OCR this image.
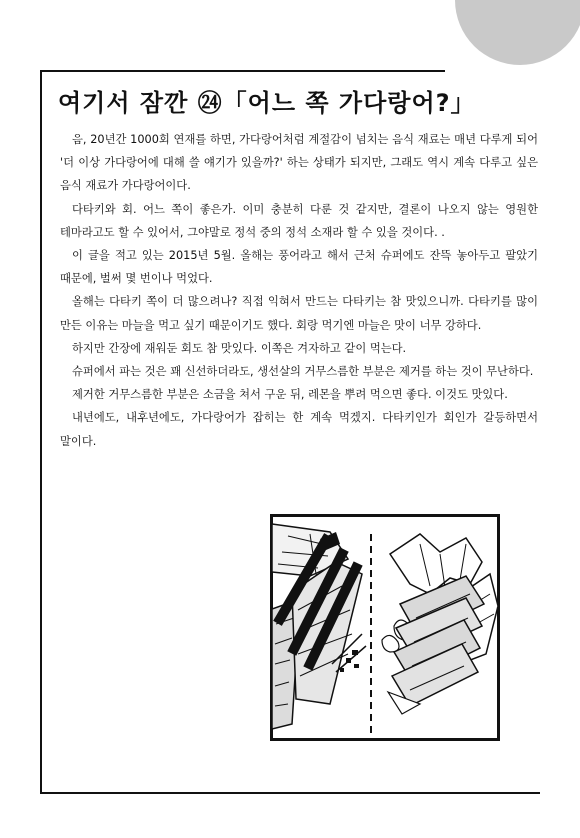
여기서 잠깐 ㉔「어느 쪽 가다랑어?」

음, 20년간 1000회 연재를 하면, 가다랑어처럼 계절감이 넘치는 음식 재료는 매년 다루게 되어 '더 이상 가다랑어에 대해 쓸 얘기가 있을까?' 하는 상태가 되지만, 그래도 역시 계속 다루고 싶은 음식 재료가 가다랑어이다.

다타키와 회. 어느 쪽이 좋은가. 이미 충분히 다룬 것 같지만, 결론이 나오지 않는 영원한 테마라고도 할 수 있어서, 그야말로 정석 중의 정석 소재라 할 수 있을 것이다. .

이 글을 적고 있는 2015년 5월. 올해는 풍어라고 해서 근처 슈퍼에도 잔뜩 놓아두고 팔았기 때문에, 벌써 몇 번이나 먹었다.

올해는 다타키 쪽이 더 많으려나? 직접 익혀서 만드는 다타키는 참 맛있으니까. 다타키를 많이 만든 이유는 마늘을 먹고 싶기 때문이기도 했다. 회랑 먹기엔 마늘은 맛이 너무 강하다.

하지만 간장에 재워둔 회도 참 맛있다. 이쪽은 겨자하고 같이 먹는다.

슈퍼에서 파는 것은 꽤 신선하더라도, 생선살의 거무스름한 부분은 제거를 하는 것이 무난하다.

제거한 거무스름한 부분은 소금을 쳐서 구운 뒤, 레몬을 뿌려 먹으면 좋다. 이것도 맛있다.

내년에도, 내후년에도, 가다랑어가 잡히는 한 계속 먹겠지. 다타키인가 회인가 갈등하면서 말이다.
